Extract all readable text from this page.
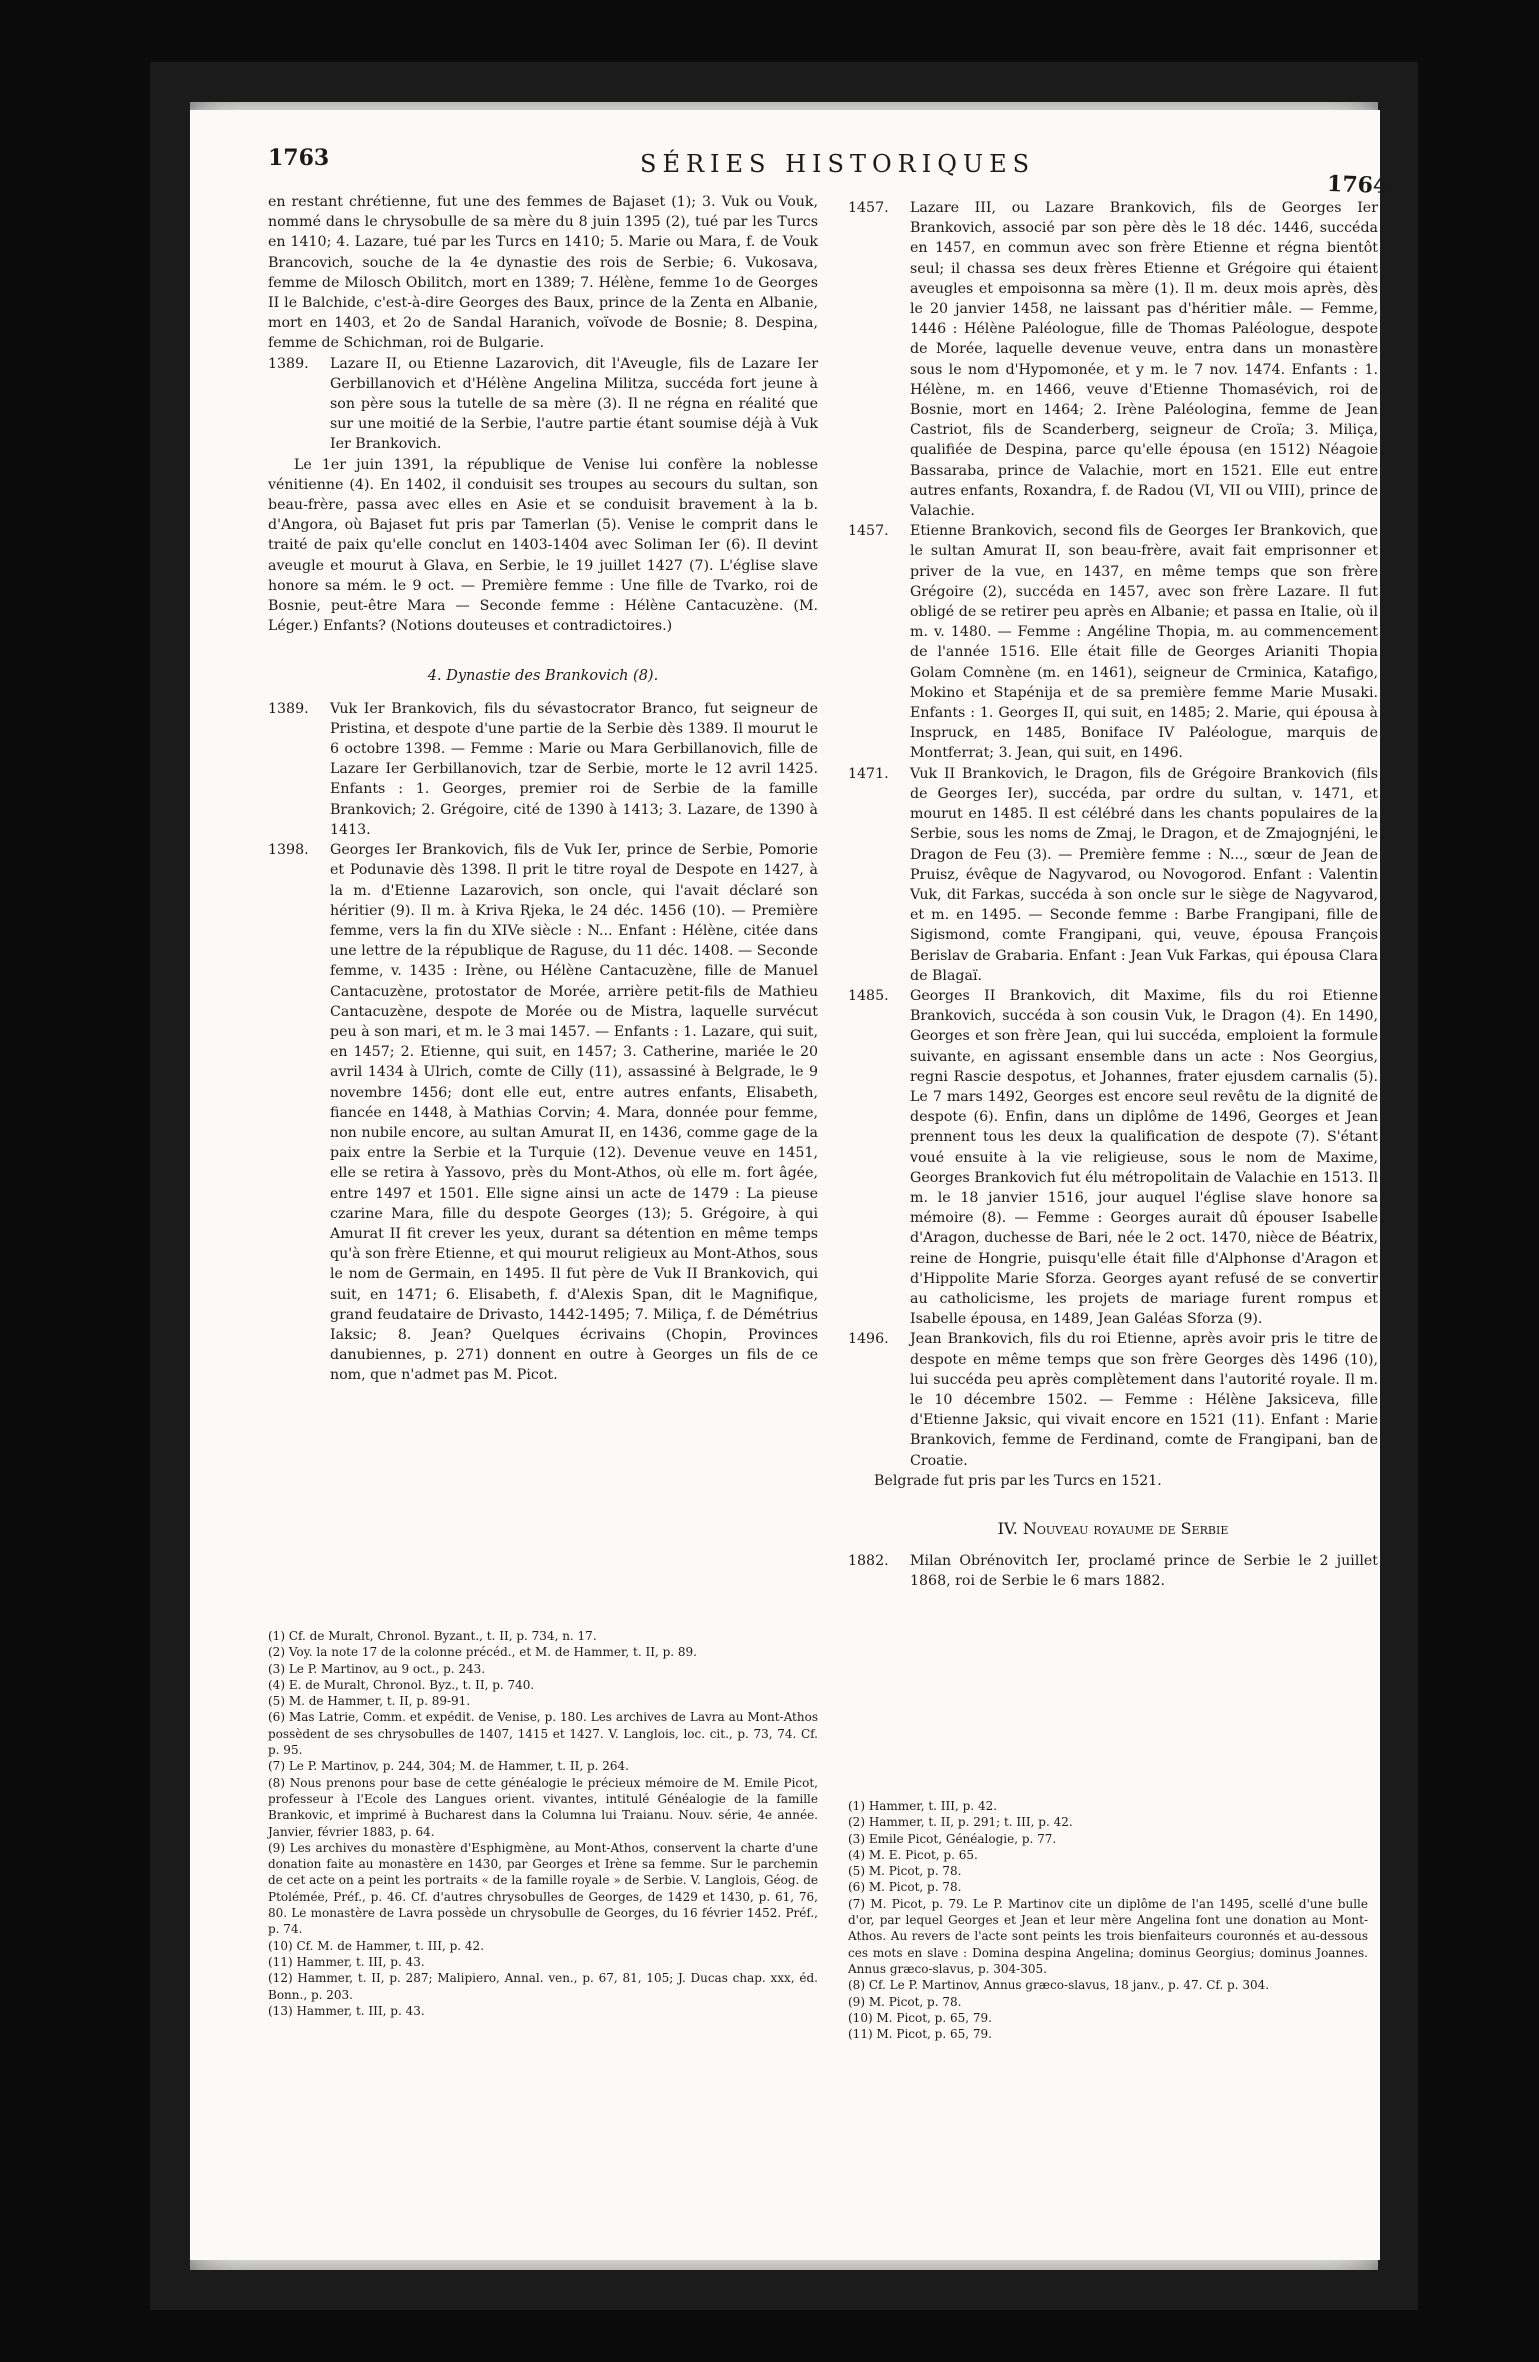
1763	SÉRIES HISTORIQUES
1764

en restant chrétienne, fut une des femmes de Bajaset (1); 3. Vuk ou Vouk, nommé dans le chrysobulle de sa mère du 8 juin 1395 (2), tué par les Turcs en 1410; 4. Lazare, tué par les Turcs en 1410; 5. Marie ou Mara, f. de Vouk Brancovich, souche de la 4e dynastie des rois de Serbie; 6. Vukosava, femme de Milosch Obilitch, mort en 1389; 7. Hélène, femme 1o de Georges II le Balchide, c'est-à-dire Georges des Baux, prince de la Zenta en Albanie, mort en 1403, et 2o de Sandal Haranich, voïvode de Bosnie; 8. Despina, femme de Schichman, roi de Bulgarie.

1389.	Lazare II, ou Etienne Lazarovich, dit l'Aveugle, fils de Lazare Ier Gerbillanovich et d'Hélène Angelina Militza, succéda fort jeune à son père sous la tutelle de sa mère (3). Il ne régna en réalité que sur une moitié de la Serbie, l'autre partie étant soumise déjà à Vuk Ier Brankovich.

Le 1er juin 1391, la république de Venise lui confère la noblesse vénitienne (4). En 1402, il conduisit ses troupes au secours du sultan, son beau-frère, passa avec elles en Asie et se conduisit bravement à la b. d'Angora, où Bajaset fut pris par Tamerlan (5). Venise le comprit dans le traité de paix qu'elle conclut en 1403-1404 avec Soliman Ier (6). Il devint aveugle et mourut à Glava, en Serbie, le 19 juillet 1427 (7). L'église slave honore sa mém. le 9 oct. — Première femme : Une fille de Tvarko, roi de Bosnie, peut-être Mara — Seconde femme : Hélène Cantacuzène. (M. Léger.) Enfants? (Notions douteuses et contradictoires.)

4. Dynastie des Brankovich (8).
1389.	Vuk Ier Brankovich, fils du sévastocrator Branco, fut seigneur de Pristina, et despote d'une partie de la Serbie dès 1389. Il mourut le 6 octobre 1398. — Femme : Marie ou Mara Gerbillanovich, fille de Lazare Ier Gerbillanovich, tzar de Serbie, morte le 12 avril 1425. Enfants : 1. Georges, premier roi de Serbie de la famille Brankovich; 2. Grégoire, cité de 1390 à 1413; 3. Lazare, de 1390 à 1413.

1398.	Georges Ier Brankovich, fils de Vuk Ier, prince de Serbie, Pomorie et Podunavie dès 1398. Il prit le titre royal de Despote en 1427, à la m. d'Etienne Lazarovich, son oncle, qui l'avait déclaré son héritier (9). Il m. à Kriva Rjeka, le 24 déc. 1456 (10). — Première femme, vers la fin du XIVe siècle : N... Enfant : Hélène, citée dans une lettre de la république de Raguse, du 11 déc. 1408. — Seconde femme, v. 1435 : Irène, ou Hélène Cantacuzène, fille de Manuel Cantacuzène, protostator de Morée, arrière petit-fils de Mathieu Cantacuzène, despote de Morée ou de Mistra, laquelle survécut peu à son mari, et m. le 3 mai 1457. — Enfants : 1. Lazare, qui suit, en 1457; 2. Etienne, qui suit, en 1457; 3. Catherine, mariée le 20 avril 1434 à Ulrich, comte de Cilly (11), assassiné à Belgrade, le 9 novembre 1456; dont elle eut, entre autres enfants, Elisabeth, fiancée en 1448, à Mathias Corvin; 4. Mara, donnée pour femme, non nubile encore, au sultan Amurat II, en 1436, comme gage de la paix entre la Serbie et la Turquie (12). Devenue veuve en 1451, elle se retira à Yassovo, près du Mont-Athos, où elle m. fort âgée, entre 1497 et 1501. Elle signe ainsi un acte de 1479 : La pieuse czarine Mara, fille du despote Georges (13); 5. Grégoire, à qui Amurat II fit crever les yeux, durant sa détention en même temps qu'à son frère Etienne, et qui mourut religieux au Mont-Athos, sous le nom de Germain, en 1495. Il fut père de Vuk II Brankovich, qui suit, en 1471; 6. Elisabeth, f. d'Alexis Span, dit le Magnifique, grand feudataire de Drivasto, 1442-1495; 7. Miliça, f. de Démétrius Iaksic; 8. Jean? Quelques écrivains (Chopin, Provinces danubiennes, p. 271) donnent en outre à Georges un fils de ce nom, que n'admet pas M. Picot.

1457.	Lazare III, ou Lazare Brankovich, fils de Georges Ier Brankovich, associé par son père dès le 18 déc. 1446, succéda en 1457, en commun avec son frère Etienne et régna bientôt seul; il chassa ses deux frères Etienne et Grégoire qui étaient aveugles et empoisonna sa mère (1). Il m. deux mois après, dès le 20 janvier 1458, ne laissant pas d'héritier mâle. — Femme, 1446 : Hélène Paléologue, fille de Thomas Paléologue, despote de Morée, laquelle devenue veuve, entra dans un monastère sous le nom d'Hypomonée, et y m. le 7 nov. 1474. Enfants : 1. Hélène, m. en 1466, veuve d'Etienne Thomasévich, roi de Bosnie, mort en 1464; 2. Irène Paléologina, femme de Jean Castriot, fils de Scanderberg, seigneur de Croïa; 3. Miliça, qualifiée de Despina, parce qu'elle épousa (en 1512) Néagoie Bassaraba, prince de Valachie, mort en 1521. Elle eut entre autres enfants, Roxandra, f. de Radou (VI, VII ou VIII), prince de Valachie.

1457.	Etienne Brankovich, second fils de Georges Ier Brankovich, que le sultan Amurat II, son beau-frère, avait fait emprisonner et priver de la vue, en 1437, en même temps que son frère Grégoire (2), succéda en 1457, avec son frère Lazare. Il fut obligé de se retirer peu après en Albanie; et passa en Italie, où il m. v. 1480. — Femme : Angéline Thopia, m. au commencement de l'année 1516. Elle était fille de Georges Arianiti Thopia Golam Comnène (m. en 1461), seigneur de Crminica, Katafigo, Mokino et Stapénija et de sa première femme Marie Musaki. Enfants : 1. Georges II, qui suit, en 1485; 2. Marie, qui épousa à Inspruck, en 1485, Boniface IV Paléologue, marquis de Montferrat; 3. Jean, qui suit, en 1496.

1471.	Vuk II Brankovich, le Dragon, fils de Grégoire Brankovich (fils de Georges Ier), succéda, par ordre du sultan, v. 1471, et mourut en 1485. Il est célébré dans les chants populaires de la Serbie, sous les noms de Zmaj, le Dragon, et de Zmajognjéni, le Dragon de Feu (3). — Première femme : N..., sœur de Jean de Pruisz, évêque de Nagyvarod, ou Novogorod. Enfant : Valentin Vuk, dit Farkas, succéda à son oncle sur le siège de Nagyvarod, et m. en 1495. — Seconde femme : Barbe Frangipani, fille de Sigismond, comte Frangipani, qui, veuve, épousa François Berislav de Grabaria. Enfant : Jean Vuk Farkas, qui épousa Clara de Blagaï.

1485.	Georges II Brankovich, dit Maxime, fils du roi Etienne Brankovich, succéda à son cousin Vuk, le Dragon (4). En 1490, Georges et son frère Jean, qui lui succéda, emploient la formule suivante, en agissant ensemble dans un acte : Nos Georgius, regni Rascie despotus, et Johannes, frater ejusdem carnalis (5). Le 7 mars 1492, Georges est encore seul revêtu de la dignité de despote (6). Enfin, dans un diplôme de 1496, Georges et Jean prennent tous les deux la qualification de despote (7). S'étant voué ensuite à la vie religieuse, sous le nom de Maxime, Georges Brankovich fut élu métropolitain de Valachie en 1513. Il m. le 18 janvier 1516, jour auquel l'église slave honore sa mémoire (8). — Femme : Georges aurait dû épouser Isabelle d'Aragon, duchesse de Bari, née le 2 oct. 1470, nièce de Béatrix, reine de Hongrie, puisqu'elle était fille d'Alphonse d'Aragon et d'Hippolite Marie Sforza. Georges ayant refusé de se convertir au catholicisme, les projets de mariage furent rompus et Isabelle épousa, en 1489, Jean Galéas Sforza (9).

1496.	Jean Brankovich, fils du roi Etienne, après avoir pris le titre de despote en même temps que son frère Georges dès 1496 (10), lui succéda peu après complètement dans l'autorité royale. Il m. le 10 décembre 1502. — Femme : Hélène Jaksiceva, fille d'Etienne Jaksic, qui vivait encore en 1521 (11). Enfant : Marie Brankovich, femme de Ferdinand, comte de Frangipani, ban de Croatie.

Belgrade fut pris par les Turcs en 1521.

IV. Nouveau royaume de Serbie
1882.	Milan Obrénovitch Ier, proclamé prince de Serbie le 2 juillet 1868, roi de Serbie le 6 mars 1882.

(1) Cf. de Muralt, Chronol. Byzant., t. II, p. 734, n. 17.

(2) Voy. la note 17 de la colonne précéd., et M. de Hammer, t. II, p. 89.

(3) Le P. Martinov, au 9 oct., p. 243.

(4) E. de Muralt, Chronol. Byz., t. II, p. 740.

(5) M. de Hammer, t. II, p. 89-91.

(6) Mas Latrie, Comm. et expédit. de Venise, p. 180. Les archives de Lavra au Mont-Athos possèdent de ses chrysobulles de 1407, 1415 et 1427. V. Langlois, loc. cit., p. 73, 74. Cf. p. 95.

(7) Le P. Martinov, p. 244, 304; M. de Hammer, t. II, p. 264.

(8) Nous prenons pour base de cette généalogie le précieux mémoire de M. Emile Picot, professeur à l'Ecole des Langues orient. vivantes, intitulé Généalogie de la famille Brankovic, et imprimé à Bucharest dans la Columna lui Traianu. Nouv. série, 4e année. Janvier, février 1883, p. 64.

(9) Les archives du monastère d'Esphigmène, au Mont-Athos, conservent la charte d'une donation faite au monastère en 1430, par Georges et Irène sa femme. Sur le parchemin de cet acte on a peint les portraits « de la famille royale » de Serbie. V. Langlois, Géog. de Ptolémée, Préf., p. 46. Cf. d'autres chrysobulles de Georges, de 1429 et 1430, p. 61, 76, 80. Le monastère de Lavra possède un chrysobulle de Georges, du 16 février 1452. Préf., p. 74.

(10) Cf. M. de Hammer, t. III, p. 42.

(11) Hammer, t. III, p. 43.

(12) Hammer, t. II, p. 287; Malipiero, Annal. ven., p. 67, 81, 105; J. Ducas chap. xxx, éd. Bonn., p. 203.

(13) Hammer, t. III, p. 43.

(1) Hammer, t. III, p. 42.

(2) Hammer, t. II, p. 291; t. III, p. 42.

(3) Emile Picot, Généalogie, p. 77.

(4) M. E. Picot, p. 65.

(5) M. Picot, p. 78.

(6) M. Picot, p. 78.

(7) M. Picot, p. 79. Le P. Martinov cite un diplôme de l'an 1495, scellé d'une bulle d'or, par lequel Georges et Jean et leur mère Angelina font une donation au Mont-Athos. Au revers de l'acte sont peints les trois bienfaiteurs couronnés et au-dessous ces mots en slave : Domina despina Angelina; dominus Georgius; dominus Joannes. Annus græco-slavus, p. 304-305.

(8) Cf. Le P. Martinov, Annus græco-slavus, 18 janv., p. 47. Cf. p. 304.

(9) M. Picot, p. 78.

(10) M. Picot, p. 65, 79.

(11) M. Picot, p. 65, 79.
